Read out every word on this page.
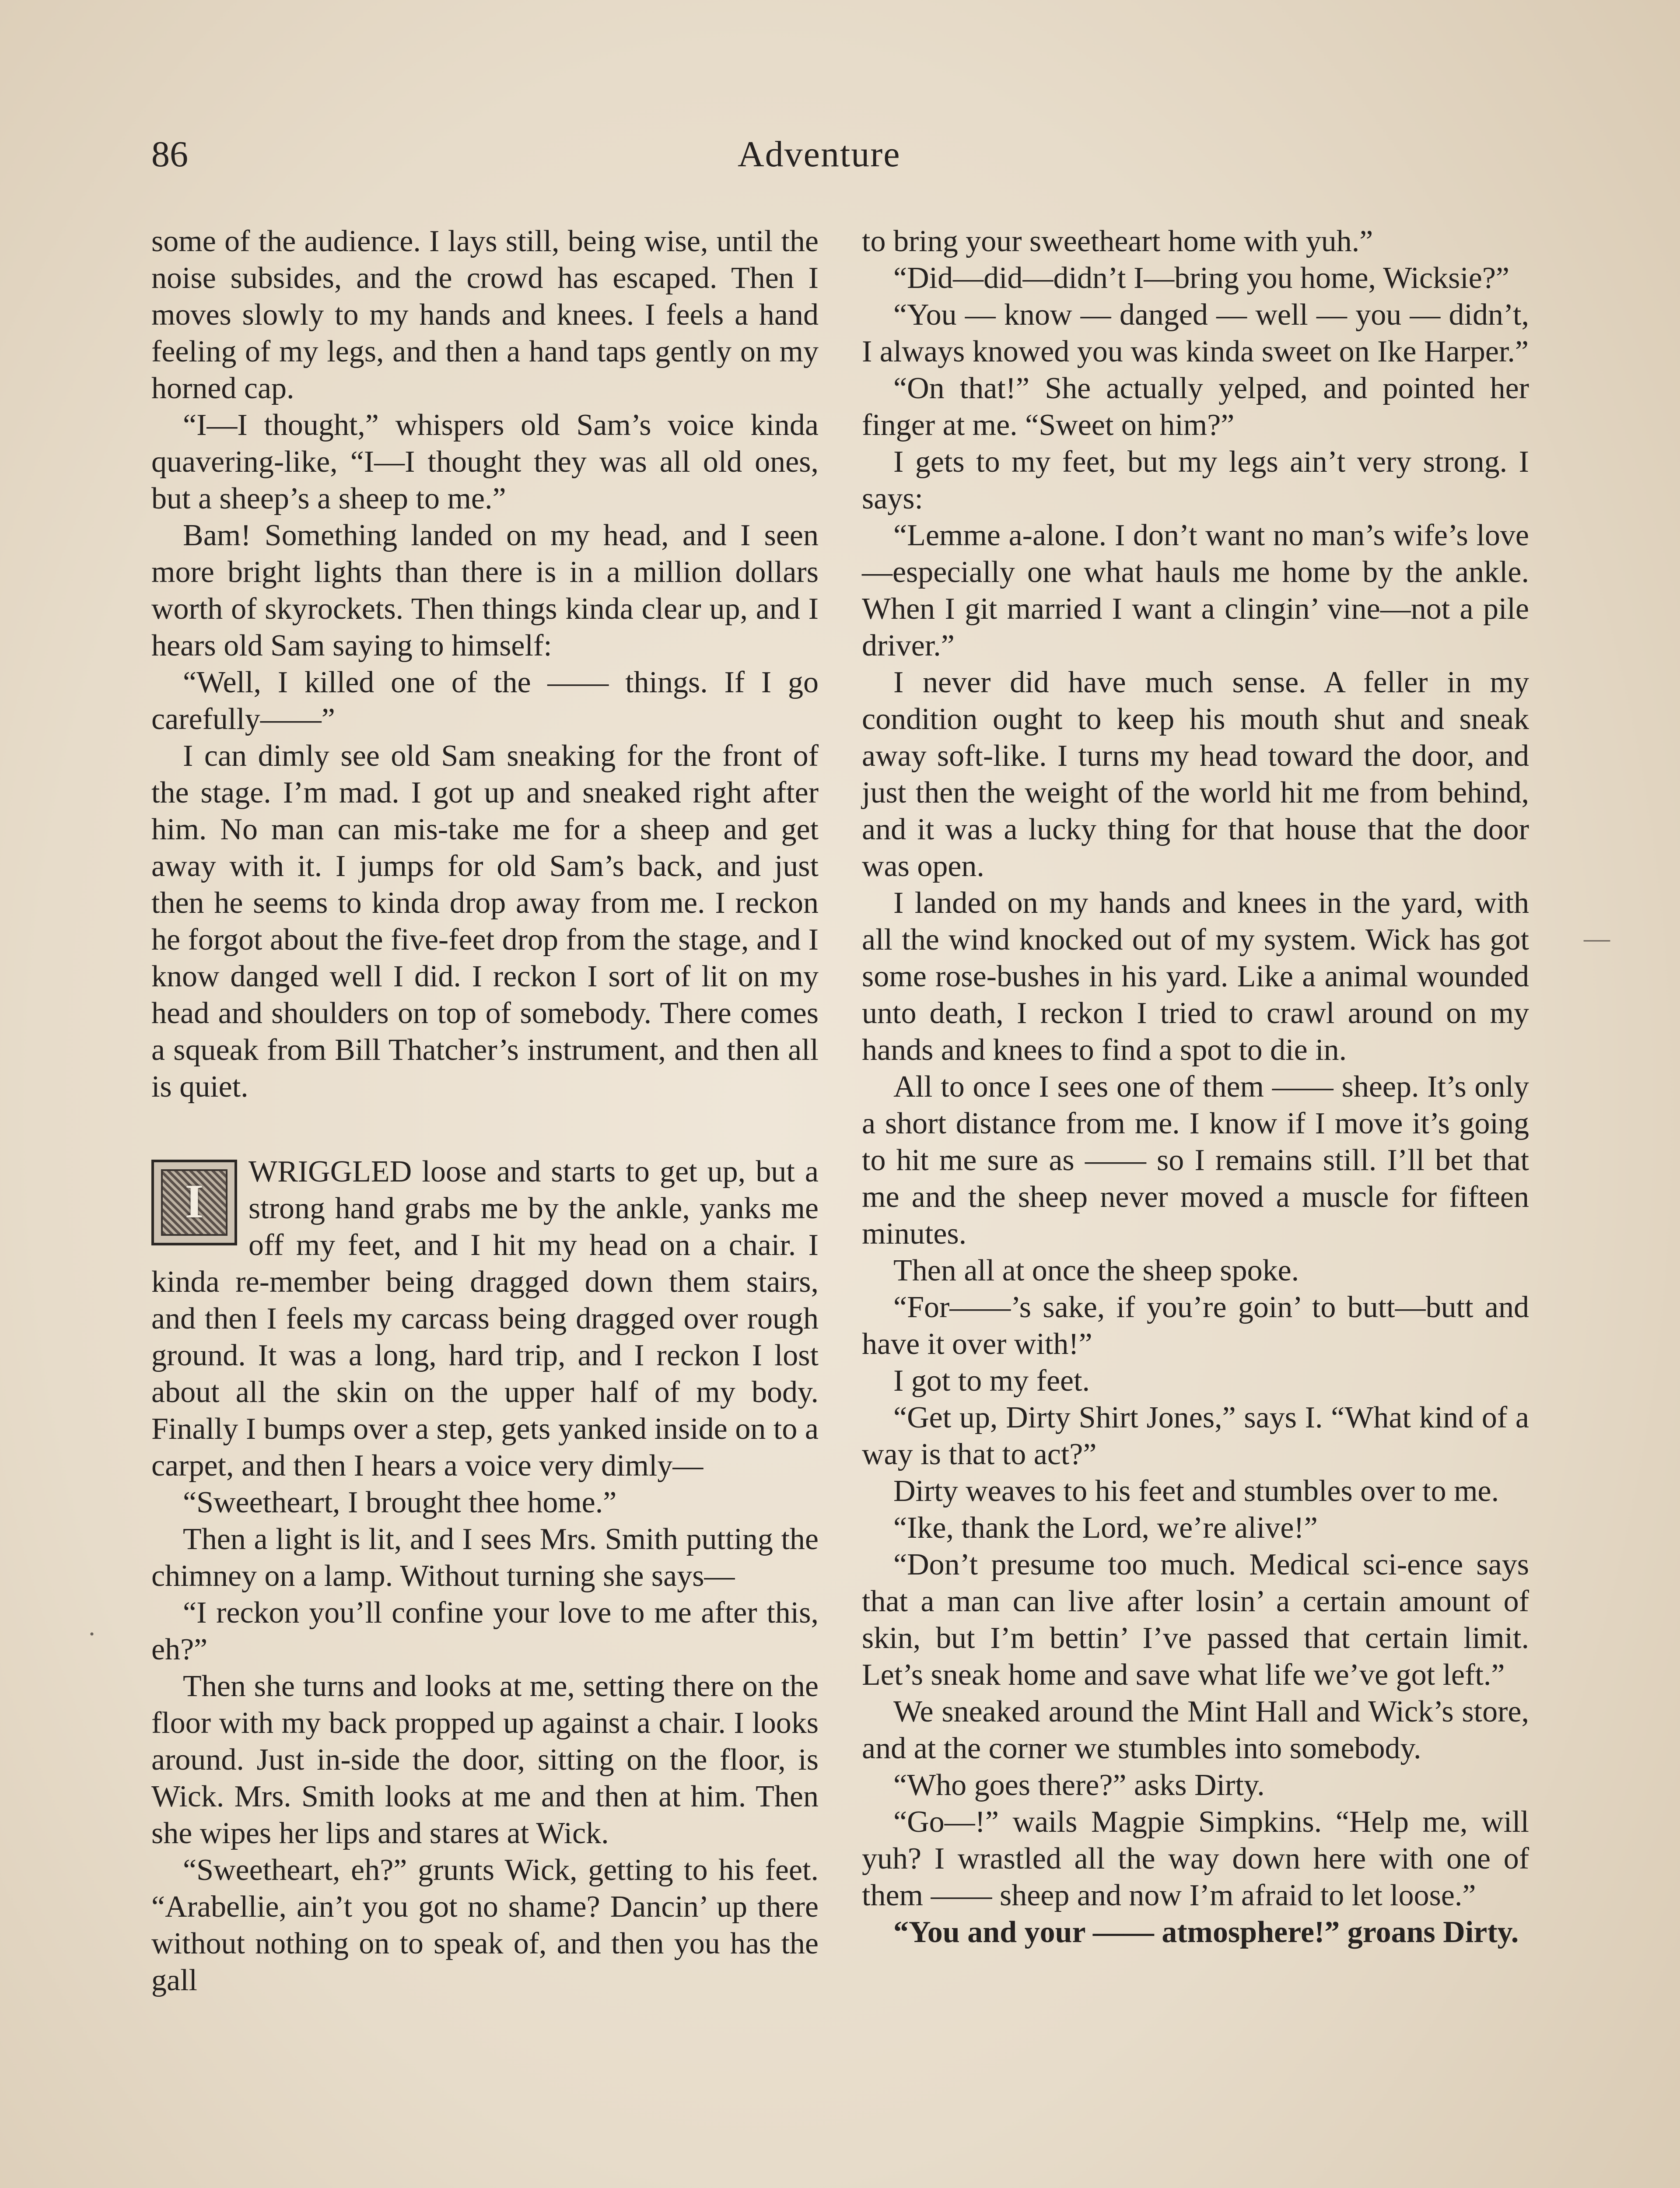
86	Adventure

some of the audience. I lays still, being wise, until the noise subsides, and the crowd has escaped. Then I moves slowly to my hands and knees. I feels a hand feeling of my legs, and then a hand taps gently on my horned cap.

“I—I thought,” whispers old Sam’s voice kinda quavering-like, “I—I thought they was all old ones, but a sheep’s a sheep to me.”

Bam! Something landed on my head, and I seen more bright lights than there is in a million dollars worth of skyrockets. Then things kinda clear up, and I hears old Sam saying to himself:

“Well, I killed one of the —— things. If I go carefully——”

I can dimly see old Sam sneaking for the front of the stage. I’m mad. I got up and sneaked right after him. No man can mis-take me for a sheep and get away with it. I jumps for old Sam’s back, and just then he seems to kinda drop away from me. I reckon he forgot about the five-feet drop from the stage, and I know danged well I did. I reckon I sort of lit on my head and shoulders on top of somebody. There comes a squeak from Bill Thatcher’s instrument, and then all is quiet.

I
WRIGGLED loose and starts to get up, but a strong hand grabs me by the ankle, yanks me off my feet, and I hit my head on a chair. I kinda re-member being dragged down them stairs, and then I feels my carcass being dragged over rough ground. It was a long, hard trip, and I reckon I lost about all the skin on the upper half of my body. Finally I bumps over a step, gets yanked inside on to a carpet, and then I hears a voice very dimly—

“Sweetheart, I brought thee home.”

Then a light is lit, and I sees Mrs. Smith putting the chimney on a lamp. Without turning she says—

“I reckon you’ll confine your love to me after this, eh?”

Then she turns and looks at me, setting there on the floor with my back propped up against a chair. I looks around. Just in-side the door, sitting on the floor, is Wick. Mrs. Smith looks at me and then at him. Then she wipes her lips and stares at Wick.

“Sweetheart, eh?” grunts Wick, getting to his feet. “Arabellie, ain’t you got no shame? Dancin’ up there without nothing on to speak of, and then you has the gall

to bring your sweetheart home with yuh.”

“Did—did—didn’t I—bring you home, Wicksie?”

“You — know — danged — well — you — didn’t, I always knowed you was kinda sweet on Ike Harper.”

“On that!” She actually yelped, and pointed her finger at me. “Sweet on him?”

I gets to my feet, but my legs ain’t very strong. I says:

“Lemme a-alone. I don’t want no man’s wife’s love—especially one what hauls me home by the ankle. When I git married I want a clingin’ vine—not a pile driver.”

I never did have much sense. A feller in my condition ought to keep his mouth shut and sneak away soft-like. I turns my head toward the door, and just then the weight of the world hit me from behind, and it was a lucky thing for that house that the door was open.

I landed on my hands and knees in the yard, with all the wind knocked out of my system. Wick has got some rose-bushes in his yard. Like a animal wounded unto death, I reckon I tried to crawl around on my hands and knees to find a spot to die in.

All to once I sees one of them —— sheep. It’s only a short distance from me. I know if I move it’s going to hit me sure as —— so I remains still. I’ll bet that me and the sheep never moved a muscle for fifteen minutes.

Then all at once the sheep spoke.

“For——’s sake, if you’re goin’ to butt—butt and have it over with!”

I got to my feet.

“Get up, Dirty Shirt Jones,” says I. “What kind of a way is that to act?”

Dirty weaves to his feet and stumbles over to me.

“Ike, thank the Lord, we’re alive!”

“Don’t presume too much. Medical sci-ence says that a man can live after losin’ a certain amount of skin, but I’m bettin’ I’ve passed that certain limit. Let’s sneak home and save what life we’ve got left.”

We sneaked around the Mint Hall and Wick’s store, and at the corner we stumbles into somebody.

“Who goes there?” asks Dirty.

“Go—!” wails Magpie Simpkins. “Help me, will yuh? I wrastled all the way down here with one of them —— sheep and now I’m afraid to let loose.”

“You and your —— atmosphere!” groans Dirty.

—
·
